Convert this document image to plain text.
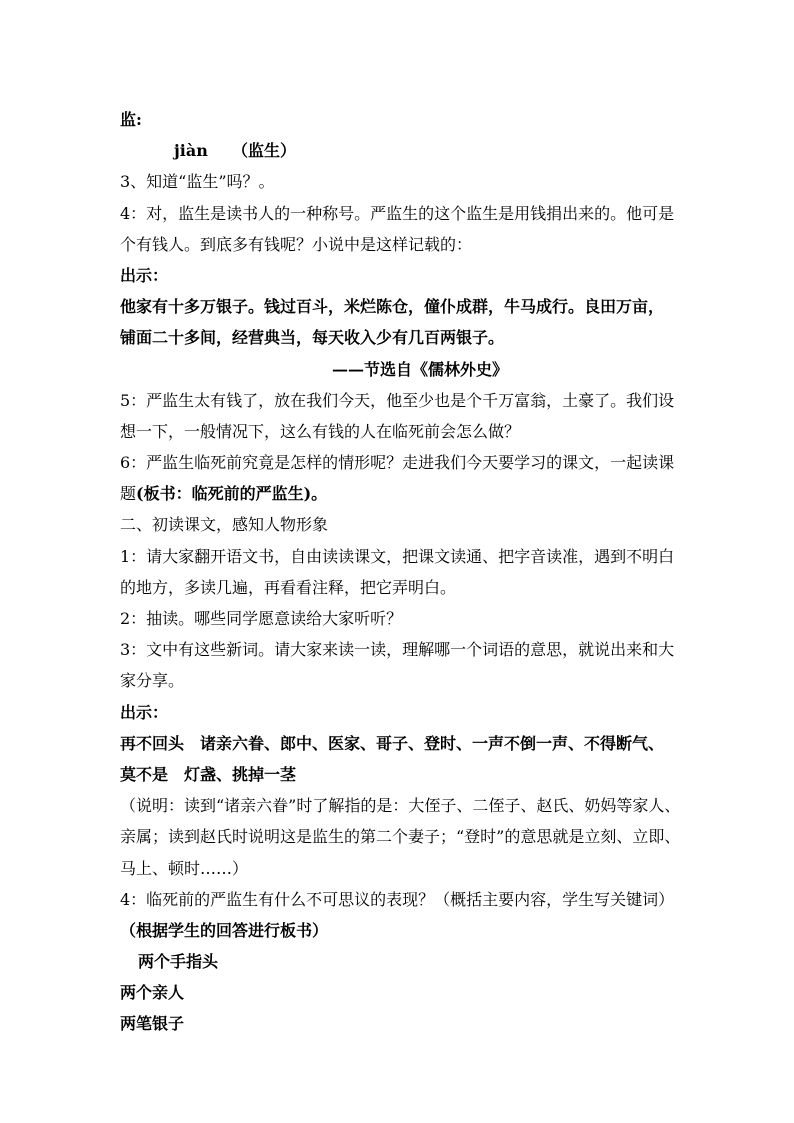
监:
jiàn （监生）
3、知道“监生”吗？。
4：对，监生是读书人的一种称号。严监生的这个监生是用钱捐出来的。他可是
个有钱人。到底多有钱呢？小说中是这样记载的：
出示：
他家有十多万银子。钱过百斗，米烂陈仓，僮仆成群，牛马成行。良田万亩，
铺面二十多间，经营典当，每天收入少有几百两银子。
——节选自《儒林外史》
5：严监生太有钱了，放在我们今天，他至少也是个千万富翁，土豪了。我们设
想一下，一般情况下，这么有钱的人在临死前会怎么做？
6：严监生临死前究竟是怎样的情形呢？走进我们今天要学习的课文，一起读课
题(板书：临死前的严监生)。
二、初读课文，感知人物形象
1：请大家翻开语文书，自由读读课文，把课文读通、把字音读准，遇到不明白
的地方，多读几遍，再看看注释，把它弄明白。
2：抽读。哪些同学愿意读给大家听听？
3：文中有这些新词。请大家来读一读，理解哪一个词语的意思，就说出来和大
家分享。
出示：
再不回头 诸亲六眷、郎中、医家、哥子、登时、一声不倒一声、不得断气、
莫不是 灯盏、挑掉一茎
（说明：读到“诸亲六眷”时了解指的是：大侄子、二侄子、赵氏、奶妈等家人、
亲属；读到赵氏时说明这是监生的第二个妻子；“登时”的意思就是立刻、立即、
马上、顿时……）
4：临死前的严监生有什么不可思议的表现？（概括主要内容，学生写关键词）
（根据学生的回答进行板书）
两个手指头
两个亲人
两笔银子
